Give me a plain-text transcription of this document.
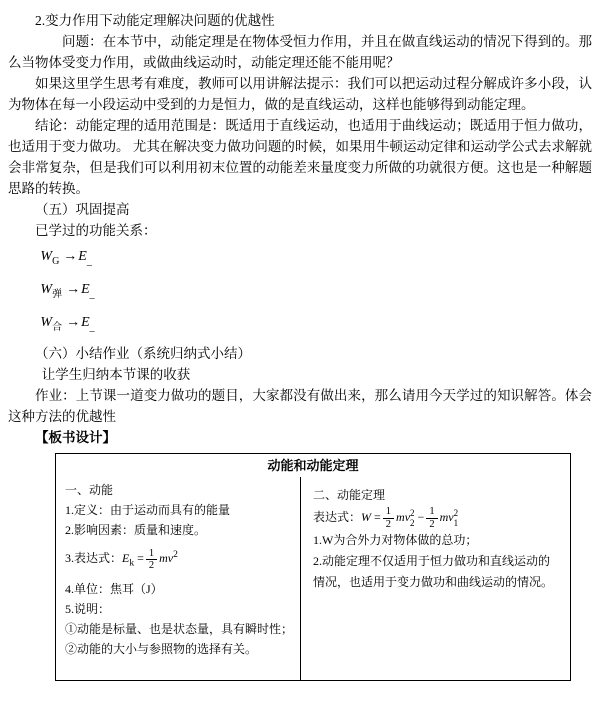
2.变力作用下动能定理解决问题的优越性

问题：在本节中，动能定理是在物体受恒力作用，并且在做直线运动的情况下得到的。那么当物体受变力作用，或做曲线运动时，动能定理还能不能用呢？

如果这里学生思考有难度，教师可以用讲解法提示：我们可以把运动过程分解成许多小段，认为物体在每一小段运动中受到的力是恒力，做的是直线运动，这样也能够得到动能定理。

结论：动能定理的适用范围是：既适用于直线运动，也适用于曲线运动；既适用于恒力做功，也适用于变力做功。 尤其在解决变力做功问题的时候，如果用牛顿运动定律和运动学公式去求解就会非常复杂，但是我们可以利用初末位置的动能差来量度变力所做的功就很方便。这也是一种解题思路的转换。

（五）巩固提高

已学过的功能关系：

$W_G \to E_{\_}$
$W_弹 \to E_{\_}$
$W_合 \to E_{\_}$

（六）小结作业（系统归纳式小结）

让学生归纳本节课的收获

作业：上节课一道变力做功的题目，大家都没有做出来，那么请用今天学过的知识解答。体会这种方法的优越性

【板书设计】

动能和动能定理
一、动能
1.定义：由于运动而具有的能量
2.影响因素：质量和速度。
3.表达式：$E_k = \frac{1}{2} mv^2$
4.单位：焦耳（J）
5.说明：
①动能是标量、也是状态量，具有瞬时性；
②动能的大小与参照物的选择有关。
二、动能定理
表达式：$W = \frac{1}{2}$ mv 2
$2 - \frac{1}{2}$ mv 2
1
1.W为合外力对物体做的总功；
2.动能定理不仅适用于恒力做功和直线运动的情况，也适用于变力做功和曲线运动的情况。
